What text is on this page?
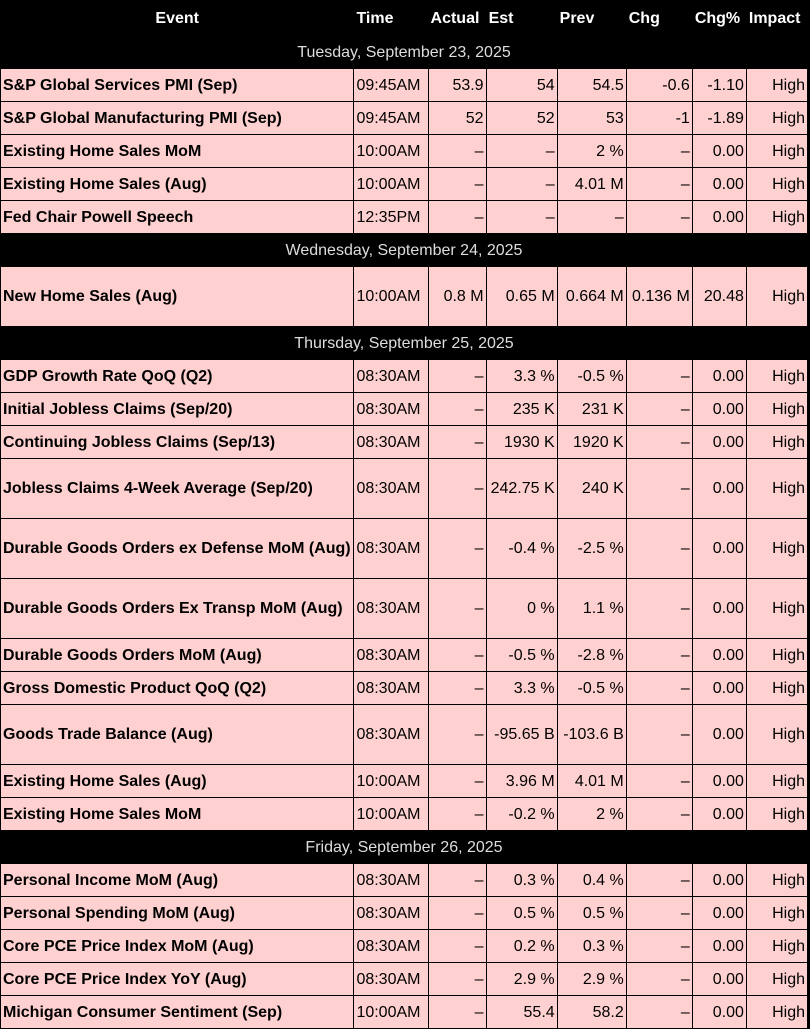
Event	Time	Actual	Est	Prev	Chg	Chg%	Impact
Tuesday, September 23, 2025							
S&P Global Services PMI (Sep)	09:45AM	53.9	54	54.5	-0.6	-1.10	High
S&P Global Manufacturing PMI (Sep)	09:45AM	52	52	53	-1	-1.89	High
Existing Home Sales MoM	10:00AM	–	–	2 %	–	0.00	High
Existing Home Sales (Aug)	10:00AM	–	–	4.01 M	–	0.00	High
Fed Chair Powell Speech	12:35PM	–	–	–	–	0.00	High
Wednesday, September 24, 2025							
New Home Sales (Aug)	10:00AM	0.8 M	0.65 M	0.664 M	0.136 M	20.48	High
Thursday, September 25, 2025							
GDP Growth Rate QoQ (Q2)	08:30AM	–	3.3 %	-0.5 %	–	0.00	High
Initial Jobless Claims (Sep/20)	08:30AM	–	235 K	231 K	–	0.00	High
Continuing Jobless Claims (Sep/13)	08:30AM	–	1930 K	1920 K	–	0.00	High
Jobless Claims 4-Week Average (Sep/20)	08:30AM	–	242.75 K	240 K	–	0.00	High
Durable Goods Orders ex Defense MoM (Aug)	08:30AM	–	-0.4 %	-2.5 %	–	0.00	High
Durable Goods Orders Ex Transp MoM (Aug)	08:30AM	–	0 %	1.1 %	–	0.00	High
Durable Goods Orders MoM (Aug)	08:30AM	–	-0.5 %	-2.8 %	–	0.00	High
Gross Domestic Product QoQ (Q2)	08:30AM	–	3.3 %	-0.5 %	–	0.00	High
Goods Trade Balance (Aug)	08:30AM	–	-95.65 B	-103.6 B	–	0.00	High
Existing Home Sales (Aug)	10:00AM	–	3.96 M	4.01 M	–	0.00	High
Existing Home Sales MoM	10:00AM	–	-0.2 %	2 %	–	0.00	High
Friday, September 26, 2025							
Personal Income MoM (Aug)	08:30AM	–	0.3 %	0.4 %	–	0.00	High
Personal Spending MoM (Aug)	08:30AM	–	0.5 %	0.5 %	–	0.00	High
Core PCE Price Index MoM (Aug)	08:30AM	–	0.2 %	0.3 %	–	0.00	High
Core PCE Price Index YoY (Aug)	08:30AM	–	2.9 %	2.9 %	–	0.00	High
Michigan Consumer Sentiment (Sep)	10:00AM	–	55.4	58.2	–	0.00	High
